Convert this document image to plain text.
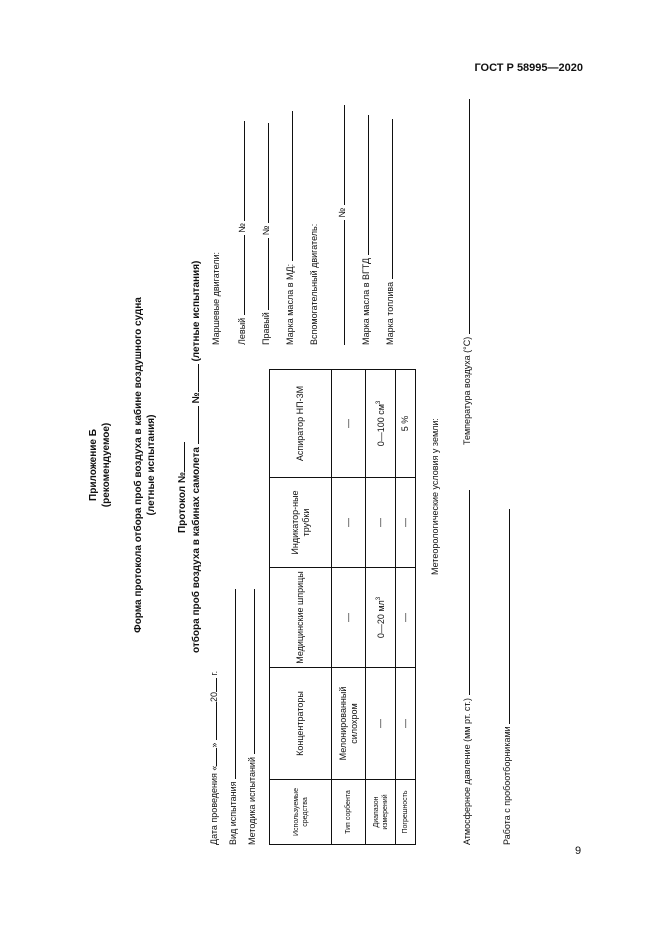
ГОСТ Р 58995—2020
Приложение Б (рекомендуемое) Форма протокола отбора проб воздуха в кабине воздушного судна (летные испытания) Протокол № отбора проб воздуха в кабинах самолета  № (летные испытания)
Дата проведения «» 20 г.
Вид испытания Методика испытаний	Используемые средства	Концентраторы	Медицинские шприцы	Индикатор-ные трубки	Аспиратор НП-3М
Тип сорбента	Мелонированный силохром	—	—	—
Диапазон измерений	—	0—20 $мл^3$	—	0—100 $см^3$
Погрешность	—	—	—	5 %
Маршевые двигатели: Левый  №
Правый  №
Марка масла в МД: Вспомогательный двигатель:
№
Марка масла в ВГТД Марка топлива
Метеорологические условия у земли:
Атмосферное давление (мм рт. ст.)
Температура воздуха (°С)
Работа с пробоотборниками
9
